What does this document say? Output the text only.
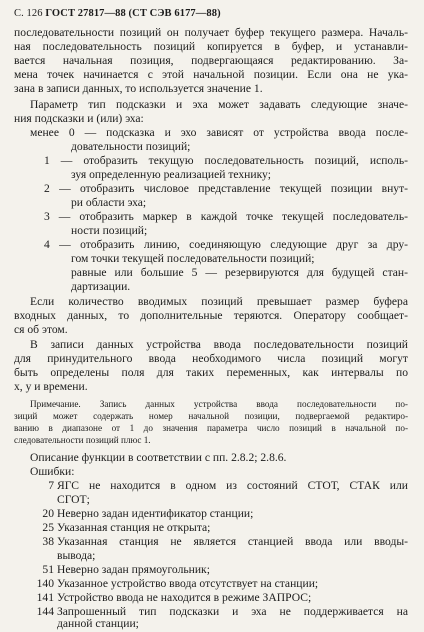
С. 126 ГОСТ 27817—88 (СТ СЭВ 6177—88)
последовательности позиций он получает буфер текущего размера. Началь-
ная последовательность позиций копируется в буфер, и устанавли-
вается начальная позиция, подвергающаяся редактированию. За-
мена точек начинается с этой начальной позиции. Если она не ука-
зана в записи данных, то используется значение 1.
Параметр тип подсказки и эха может задавать следующие значе-
ния подсказки и (или) эха:
менее 0 — подсказка и эхо зависят от устройства ввода после-
довательности позиций;
1 — отобразить текущую последовательность позиций, исполь-
зуя определенную реализацией технику;
2 — отобразить числовое представление текущей позиции внут-
ри области эха;
3 — отобразить маркер в каждой точке текущей последователь-
ности позиций;
4 — отобразить линию, соединяющую следующие друг за дру-
гом точки текущей последовательности позиций;
равные или большие 5 — резервируются для будущей стан-
дартизации.
Если количество вводимых позиций превышает размер буфера
входных данных, то дополнительные теряются. Оператору сообщает-
ся об этом.
В записи данных устройства ввода последовательности позиций
для принудительного ввода необходимого числа позиций могут
быть определены поля для таких переменных, как интервалы по
х, у и времени.
Примечание. Запись данных устройства ввода последовательности по-
зиций может содержать номер начальной позиции, подвергаемой редактиро-
ванию в диапазоне от 1 до значения параметра число позиций в начальной по-
следовательности позиций плюс 1.
Описание функции в соответствии с пп. 2.8.2; 2.8.6.
Ошибки:
7 ЯГС не находится в одном из состояний СТОТ, СТАК или
СГОТ;
20 Неверно задан идентификатор станции;
25 Указанная станция не открыта;
38 Указанная станция не является станцией ввода или вводы-
вывода;
51 Неверно задан прямоугольник;
140 Указанное устройство ввода отсутствует на станции;
141 Устройство ввода не находится в режиме ЗАПРОС;
144 Запрошенный тип подсказки и эха не поддерживается на
данной станции;
